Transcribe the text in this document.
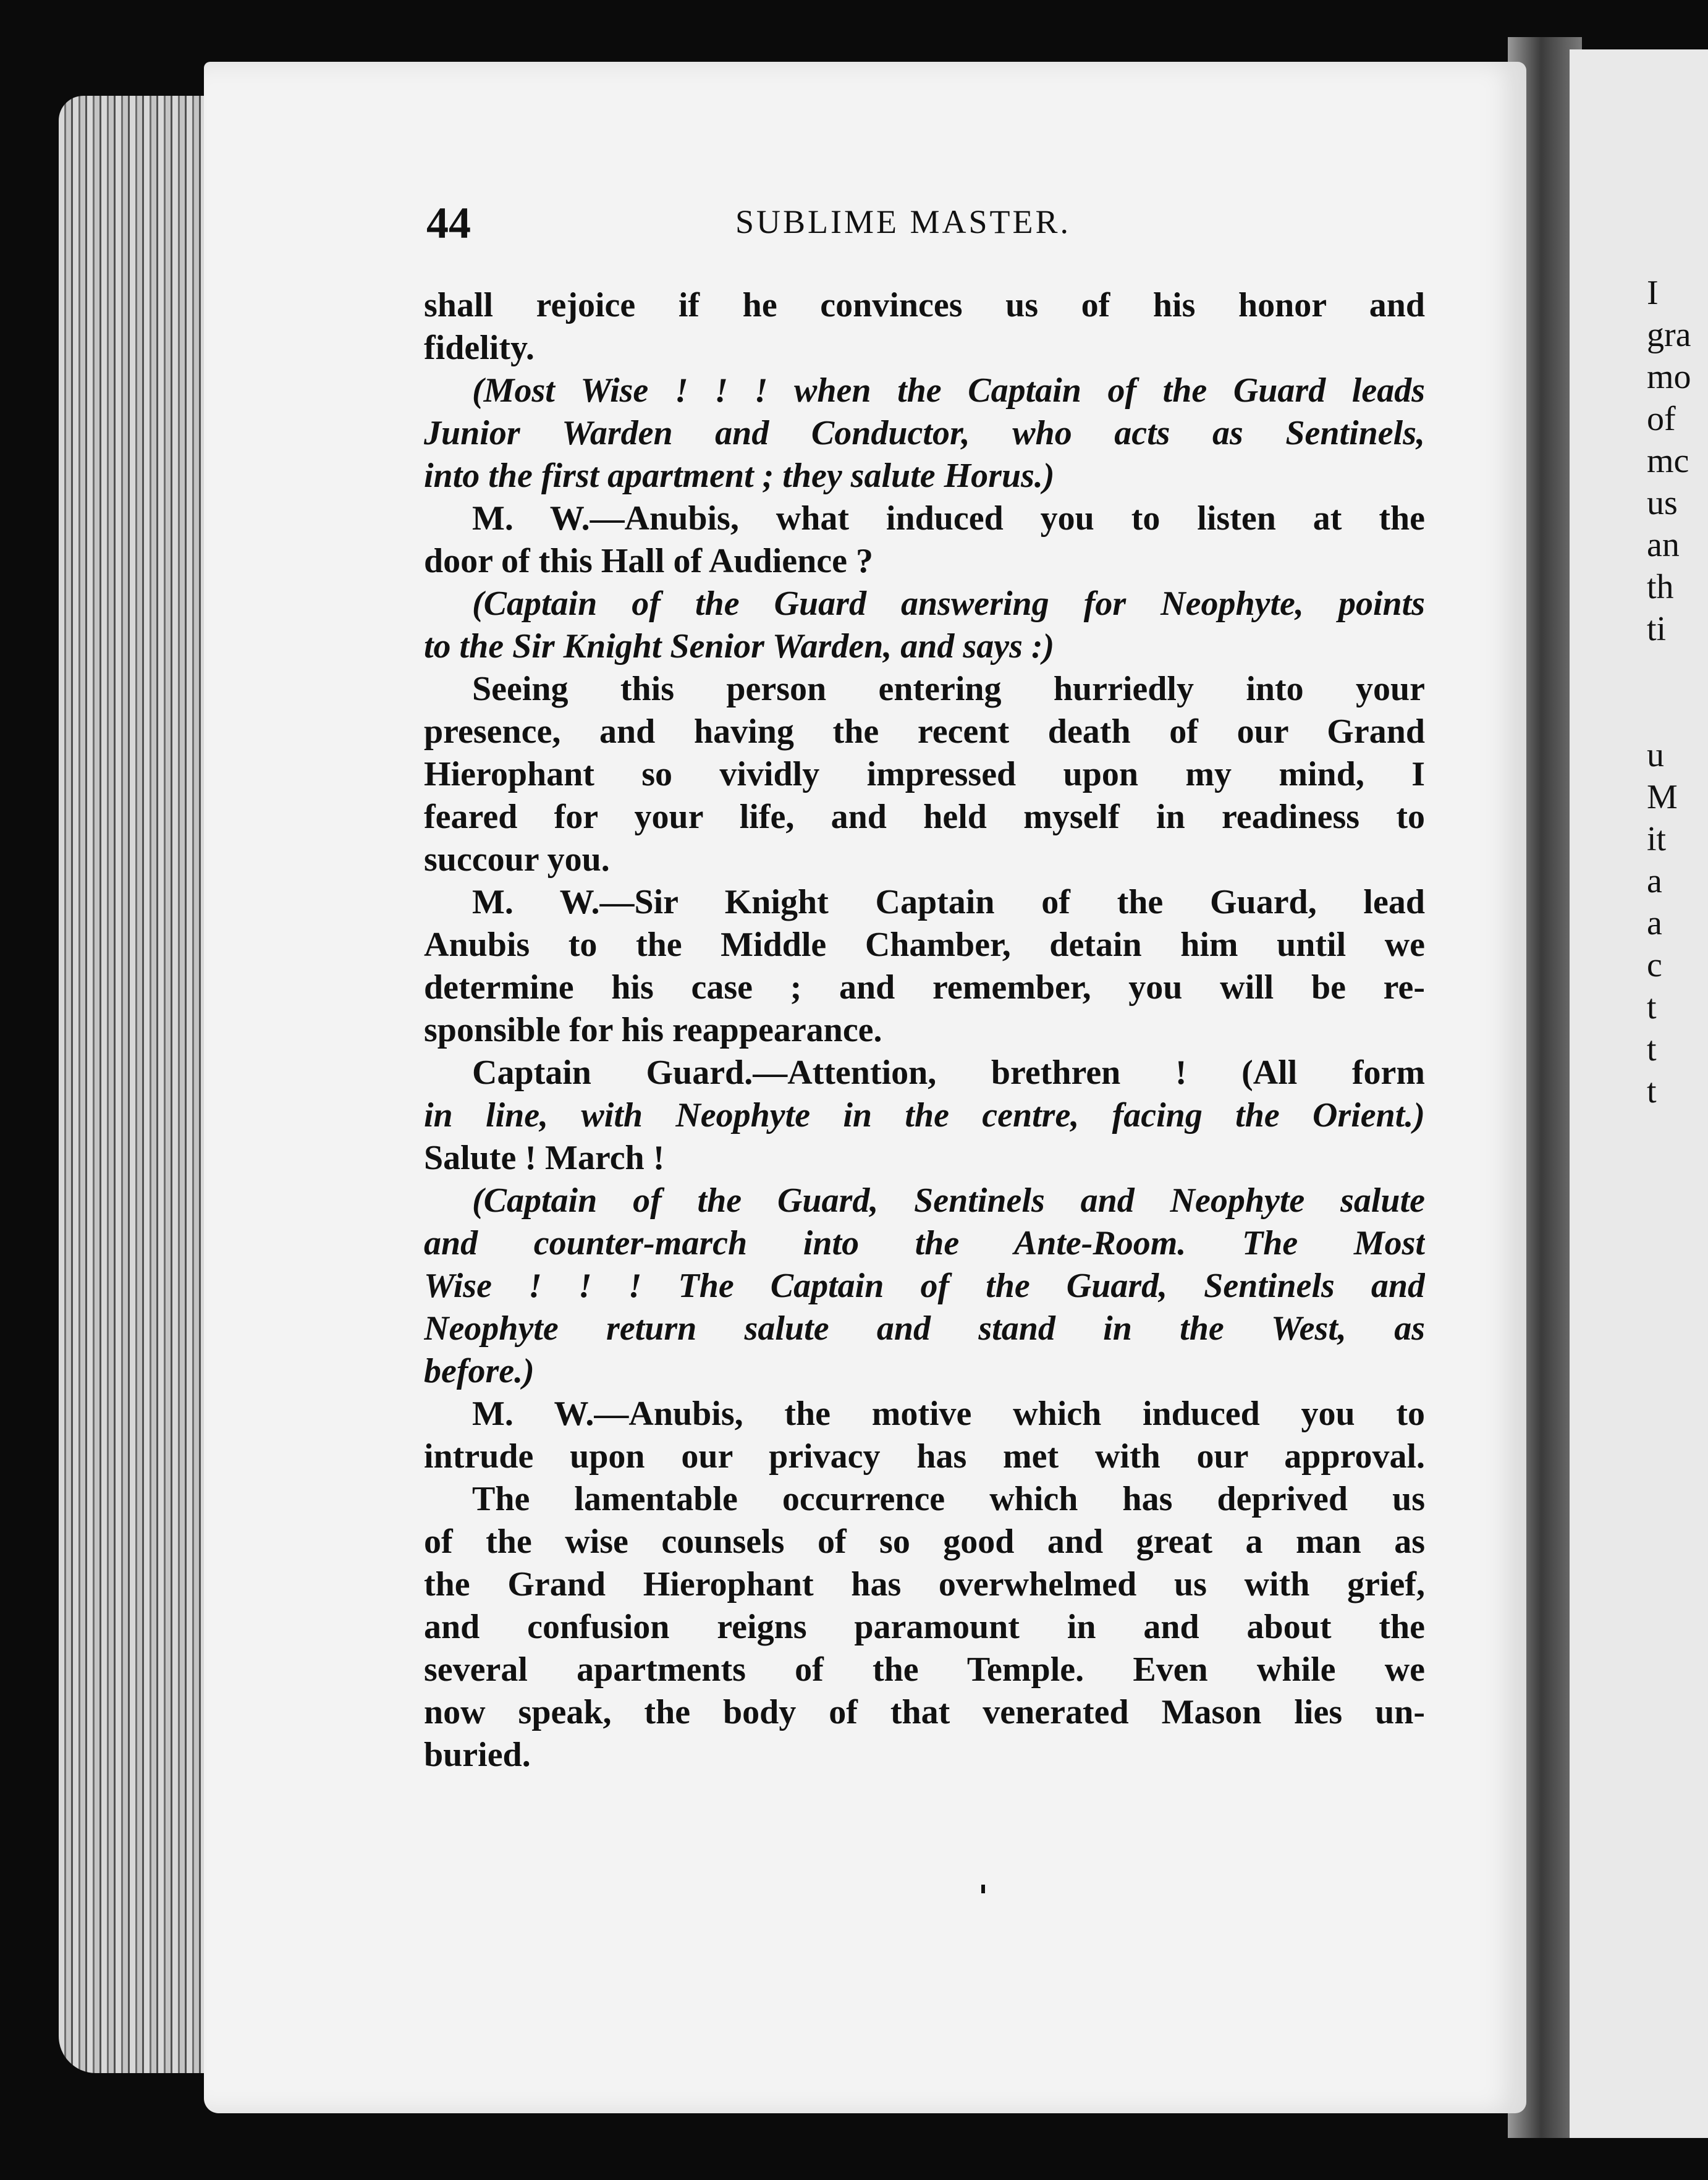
I
gra
mo
of
mc
us
an
th
ti
u
M
it
a
a
c
t
t
t
44	SUBLIME MASTER.
shall rejoice if he convinces us of his honor and
fidelity.
(Most Wise ! ! ! when the Captain of the Guard leads
Junior Warden and Conductor, who acts as Sentinels,
into the first apartment ; they salute Horus.)
M. W.—Anubis, what induced you to listen at the
door of this Hall of Audience ?
(Captain of the Guard answering for Neophyte, points
to the Sir Knight Senior Warden, and says :)
Seeing this person entering hurriedly into your
presence, and having the recent death of our Grand
Hierophant so vividly impressed upon my mind, I
feared for your life, and held myself in readiness to
succour you.
M. W.—Sir Knight Captain of the Guard, lead
Anubis to the Middle Chamber, detain him until we
determine his case ; and remember, you will be re-
sponsible for his reappearance.
Captain Guard.—Attention, brethren ! (All form
in line, with Neophyte in the centre, facing the Orient.)
Salute ! March !
(Captain of the Guard, Sentinels and Neophyte salute
and counter-march into the Ante-Room. The Most
Wise ! ! ! The Captain of the Guard, Sentinels and
Neophyte return salute and stand in the West, as
before.)
M. W.—Anubis, the motive which induced you to
intrude upon our privacy has met with our approval.
The lamentable occurrence which has deprived us
of the wise counsels of so good and great a man as
the Grand Hierophant has overwhelmed us with grief,
and confusion reigns paramount in and about the
several apartments of the Temple. Even while we
now speak, the body of that venerated Mason lies un-
buried.
